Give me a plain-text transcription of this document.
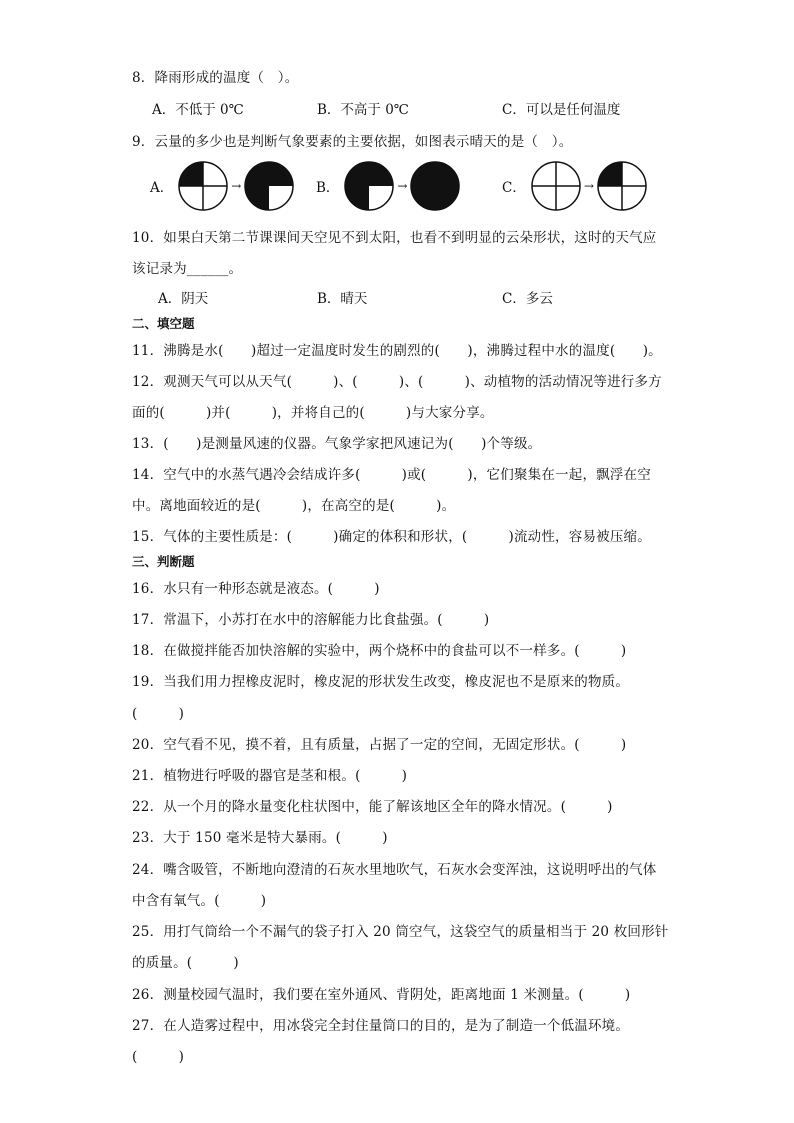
8．降雨形成的温度（　）。
A．不低于 0℃	B．不高于 0℃	C．可以是任何温度
9．云量的多少也是判断气象要素的主要依据，如图表示晴天的是（　）。
A．	→	B．	→	C．	→
10．如果白天第二节课课间天空见不到太阳，也看不到明显的云朵形状，这时的天气应
该记录为______。
A．阴天	B．晴天	C．多云
二、填空题
11．沸腾是水(　　)超过一定温度时发生的剧烈的(　　)，沸腾过程中水的温度(　　)。
12．观测天气可以从天气(　　　)、(　　　)、(　　　)、动植物的活动情况等进行多方
面的(　　　)并(　　　)，并将自己的(　　　)与大家分享。
13．(　　)是测量风速的仪器。气象学家把风速记为(　　)个等级。
14．空气中的水蒸气遇冷会结成许多(　　　)或(　　　)，它们聚集在一起，飘浮在空
中。离地面较近的是(　　　)，在高空的是(　　　)。
15．气体的主要性质是：(　　　)确定的体积和形状，(　　　)流动性，容易被压缩。
三、判断题
16．水只有一种形态就是液态。(　　　)
17．常温下，小苏打在水中的溶解能力比食盐强。(　　　)
18．在做搅拌能否加快溶解的实验中，两个烧杯中的食盐可以不一样多。(　　　)
19．当我们用力捏橡皮泥时，橡皮泥的形状发生改变，橡皮泥也不是原来的物质。
(　　　)
20．空气看不见，摸不着，且有质量，占据了一定的空间，无固定形状。(　　　)
21．植物进行呼吸的器官是茎和根。(　　　)
22．从一个月的降水量变化柱状图中，能了解该地区全年的降水情况。(　　　)
23．大于 150 毫米是特大暴雨。(　　　)
24．嘴含吸管，不断地向澄清的石灰水里地吹气，石灰水会变浑浊，这说明呼出的气体
中含有氧气。(　　　)
25．用打气筒给一个不漏气的袋子打入 20 筒空气，这袋空气的质量相当于 20 枚回形针
的质量。(　　　)
26．测量校园气温时，我们要在室外通风、背阴处，距离地面 1 米测量。(　　　)
27．在人造雾过程中，用冰袋完全封住量筒口的目的，是为了制造一个低温环境。
(　　　)
